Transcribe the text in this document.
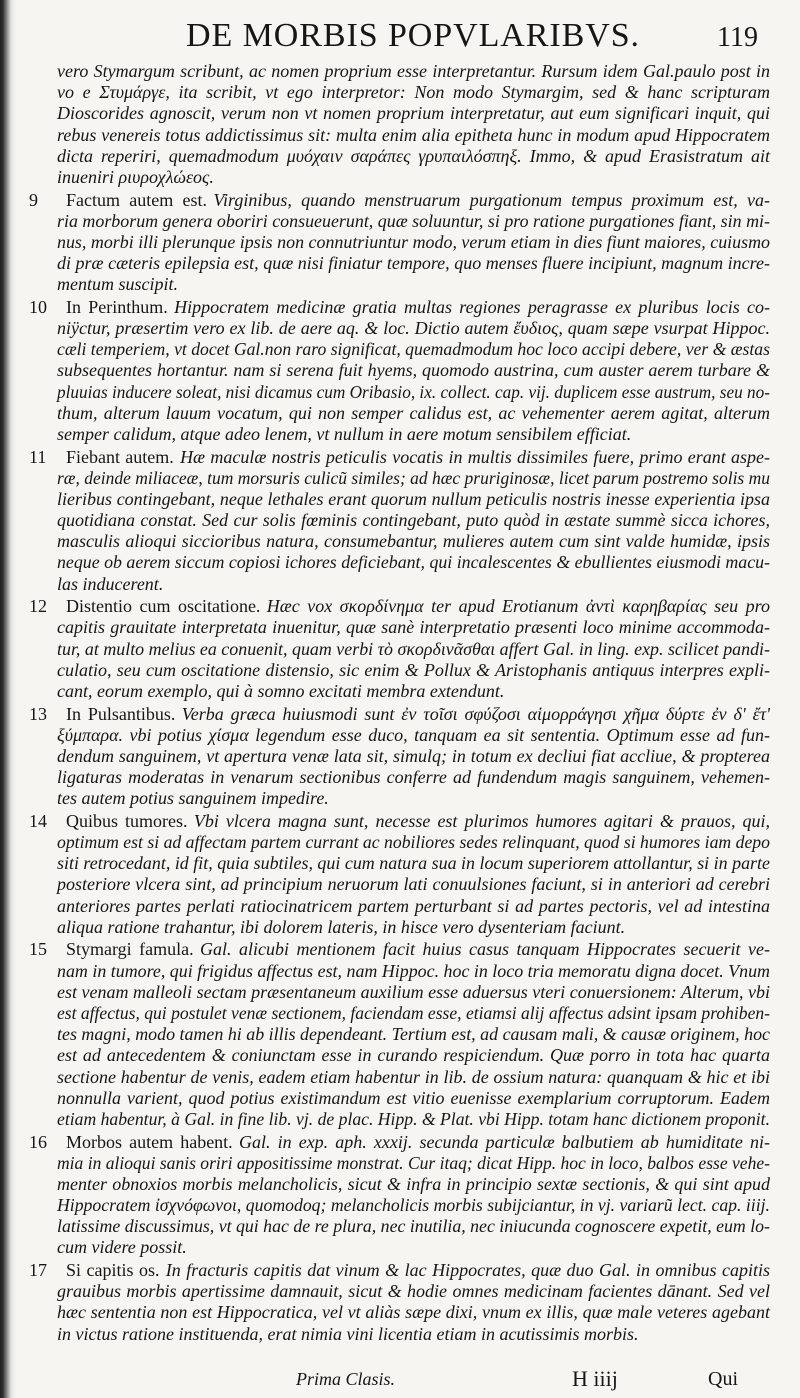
DE MORBIS POPVLARIBVS.	119
vero Stymargum scribunt, ac nomen proprium esse interpretantur. Rursum idem Gal.paulo post in
vo e Στυμάργε, ita scribit, vt ego interpretor: Non modo Stymargim, sed & hanc scripturam
Dioscorides agnoscit, verum non vt nomen proprium interpretatur, aut eum significari inquit, qui
rebus venereis totus addictissimus sit: multa enim alia epitheta hunc in modum apud Hippocratem
dicta reperiri, quemadmodum μυόχαιν σαράπες γρυπαιλόσπηξ. Immo, & apud Erasistratum ait
inueniri ριυροχλώεος.
9 Factum autem est. Virginibus, quando menstruarum purgationum tempus proximum est, va-
ria morborum genera oboriri consueuerunt, quæ soluuntur, si pro ratione purgationes fiant, sin mi-
nus, morbi illi plerunque ipsis non connutriuntur modo, verum etiam in dies fiunt maiores, cuiusmo
di præ cæteris epilepsia est, quæ nisi finiatur tempore, quo menses fluere incipiunt, magnum incre-
mentum suscipit.
10 In Perinthum. Hippocratem medicinæ gratia multas regiones peragrasse ex pluribus locis co-
niÿctur, præsertim vero ex lib. de aere aq. & loc. Dictio autem ἔυδιος, quam sæpe vsurpat Hippoc.
cæli temperiem, vt docet Gal.non raro significat, quemadmodum hoc loco accipi debere, ver & æstas
subsequentes hortantur. nam si serena fuit hyems, quomodo austrina, cum auster aerem turbare &
pluuias inducere soleat, nisi dicamus cum Oribasio, ix. collect. cap. vij. duplicem esse austrum, seu no-
thum, alterum lauum vocatum, qui non semper calidus est, ac vehementer aerem agitat, alterum
semper calidum, atque adeo lenem, vt nullum in aere motum sensibilem efficiat.
11 Fiebant autem. Hæ maculæ nostris peticulis vocatis in multis dissimiles fuere, primo erant aspe-
ræ, deinde miliaceæ, tum morsuris culicũ similes; ad hæc pruriginosæ, licet parum postremo solis mu
lieribus contingebant, neque lethales erant quorum nullum peticulis nostris inesse experientia ipsa
quotidiana constat. Sed cur solis fœminis contingebant, puto quòd in æstate summè sicca ichores,
masculis alioqui siccioribus natura, consumebantur, mulieres autem cum sint valde humidæ, ipsis
neque ob aerem siccum copiosi ichores deficiebant, qui incalescentes & ebullientes eiusmodi macu-
las inducerent.
12 Distentio cum oscitatione. Hæc vox σκορδίνημα ter apud Erotianum ἀντὶ καρηβαρίας seu pro
capitis grauitate interpretata inuenitur, quæ sanè interpretatio præsenti loco minime accommoda-
tur, at multo melius ea conuenit, quam verbi τὸ σκορδινᾶσθαι affert Gal. in ling. exp. scilicet pandi-
culatio, seu cum oscitatione distensio, sic enim & Pollux & Aristophanis antiquus interpres expli-
cant, eorum exemplo, qui à somno excitati membra extendunt.
13 In Pulsantibus. Verba græca huiusmodi sunt ἐν τοῖσι σφύζοσι αἱμορράγησι χῆμα δύρτε ἐν δ' ἔτ'
ξύμπαρα. vbi potius χίσμα legendum esse duco, tanquam ea sit sententia. Optimum esse ad fun-
dendum sanguinem, vt apertura venæ lata sit, simulq; in totum ex decliui fiat accliue, & propterea
ligaturas moderatas in venarum sectionibus conferre ad fundendum magis sanguinem, vehemen-
tes autem potius sanguinem impedire.
14 Quibus tumores. Vbi vlcera magna sunt, necesse est plurimos humores agitari & prauos, qui,
optimum est si ad affectam partem currant ac nobiliores sedes relinquant, quod si humores iam depo
siti retrocedant, id fit, quia subtiles, qui cum natura sua in locum superiorem attollantur, si in parte
posteriore vlcera sint, ad principium neruorum lati conuulsiones faciunt, si in anteriori ad cerebri
anteriores partes perlati ratiocinatricem partem perturbant si ad partes pectoris, vel ad intestina
aliqua ratione trahantur, ibi dolorem lateris, in hisce vero dysenteriam faciunt.
15 Stymargi famula. Gal. alicubi mentionem facit huius casus tanquam Hippocrates secuerit ve-
nam in tumore, qui frigidus affectus est, nam Hippoc. hoc in loco tria memoratu digna docet. Vnum
est venam malleoli sectam præsentaneum auxilium esse aduersus vteri conuersionem: Alterum, vbi
est affectus, qui postulet venæ sectionem, faciendam esse, etiamsi alij affectus adsint ipsam prohiben-
tes magni, modo tamen hi ab illis dependeant. Tertium est, ad causam mali, & causæ originem, hoc
est ad antecedentem & coniunctam esse in curando respiciendum. Quæ porro in tota hac quarta
sectione habentur de venis, eadem etiam habentur in lib. de ossium natura: quanquam & hic et ibi
nonnulla varient, quod potius existimandum est vitio euenisse exemplarium corruptorum. Eadem
etiam habentur, à Gal. in fine lib. vj. de plac. Hipp. & Plat. vbi Hipp. totam hanc dictionem proponit.
16 Morbos autem habent. Gal. in exp. aph. xxxij. secunda particulæ balbutiem ab humiditate ni-
mia in alioqui sanis oriri appositissime monstrat. Cur itaq; dicat Hipp. hoc in loco, balbos esse vehe-
menter obnoxios morbis melancholicis, sicut & infra in principio sextæ sectionis, & qui sint apud
Hippocratem ἰσχνόφωνοι, quomodoq; melancholicis morbis subijciantur, in vj. variarũ lect. cap. iiij.
latissime discussimus, vt qui hac de re plura, nec inutilia, nec iniucunda cognoscere expetit, eum lo-
cum videre possit.
17 Si capitis os. In fracturis capitis dat vinum & lac Hippocrates, quæ duo Gal. in omnibus capitis
grauibus morbis apertissime damnauit, sicut & hodie omnes medicinam facientes dānant. Sed vel
hæc sententia non est Hippocratica, vel vt aliàs sæpe dixi, vnum ex illis, quæ male veteres agebant
in victus ratione instituenda, erat nimia vini licentia etiam in acutissimis morbis.
Prima Clasis.	H iiij	Qui
